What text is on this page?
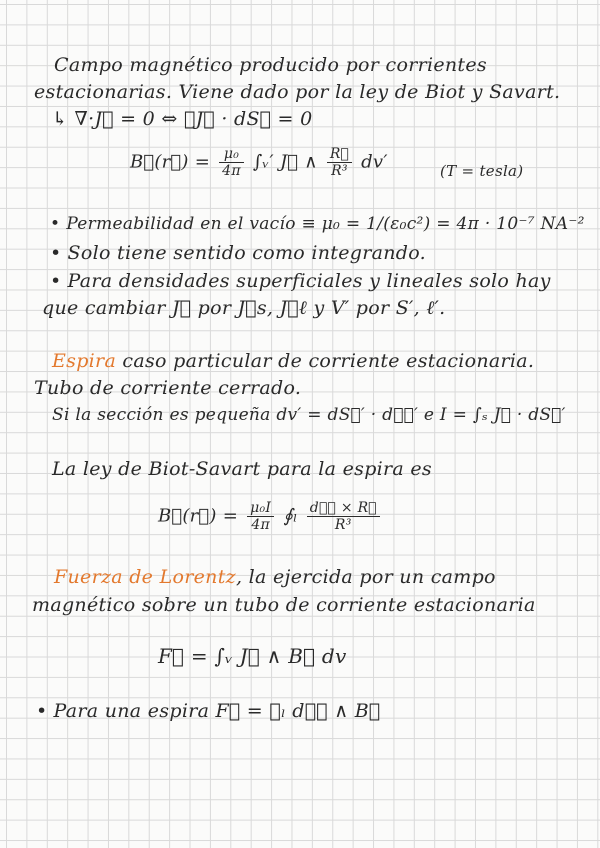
Campo magnético producido por corrientes
estacionarias. Viene dado por la ley de Biot y Savart.
↳ ∇·J⃗ = 0 ⇔ ∮J⃗ · dS⃗ = 0
B⃗(r⃗) = $\frac{\text{μ₀}}{4\pi}$ ∫ᵥ′ J⃗ ∧ $\frac{R⃗}{\text{R³}} dv'$	(T = tesla)
• Permeabilidad en el vacío ≡ μ₀ = 1/(ε₀c²) = 4π · 10⁻⁷ NA⁻²
• Solo tiene sentido como integrando.
• Para densidades superficiales y lineales solo hay
que cambiar J⃗ por J⃗s, J⃗ℓ y V′ por S′, ℓ′.
Espira caso particular de corriente estacionaria.
Tubo de corriente cerrado.
Si la sección es pequeña dv′ = dS⃗′ · dℓ⃗′ e I = ∫ₛ J⃗ · dS⃗′
La ley de Biot-Savart para la espira es
B⃗(r⃗) = $\frac{\text{μ₀I}}{4\pi}$ ∮ₗ $\frac{\text{dℓ⃗ × R⃗}}{\text{R³}}$
Fuerza de Lorentz, la ejercida por un campo
magnético sobre un tubo de corriente estacionaria
F⃗ = ∫ᵥ J⃗ ∧ B⃗ dv
• Para una espira F⃗ = ∮ₗ dℓ⃗ ∧ B⃗
